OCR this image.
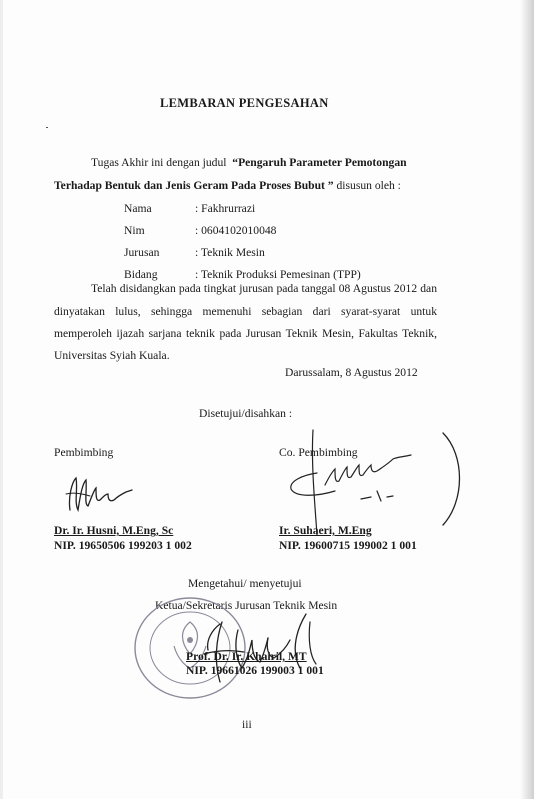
LEMBARAN PENGESAHAN
Tugas Akhir ini dengan judul “Pengaruh Parameter Pemotongan
Terhadap Bentuk dan Jenis Geram Pada Proses Bubut ” disusun oleh :
Nama	: Fakhrurrazi
Nim	: 0604102010048
Jurusan	: Teknik Mesin
Bidang	: Teknik Produksi Pemesinan (TPP)
Telah disidangkan pada tingkat jurusan pada tanggal 08 Agustus 2012 dan
dinyatakan lulus, sehingga memenuhi sebagian dari syarat-syarat untuk
memperoleh ijazah sarjana teknik pada Jurusan Teknik Mesin, Fakultas Teknik,
Universitas Syiah Kuala.
Darussalam, 8 Agustus 2012
Disetujui/disahkan :
Pembimbing	Co. Pembimbing
Dr. Ir. Husni, M.Eng, Sc
NIP. 19650506 199203 1 002
Ir. Suhaeri, M.Eng
NIP. 19600715 199002 1 001
Mengetahui/ menyetujui
Ketua/Sekretaris Jurusan Teknik Mesin
Prof. Dr. Ir. Khairil, MT
NIP. 19661026 199003 1 001
iii
